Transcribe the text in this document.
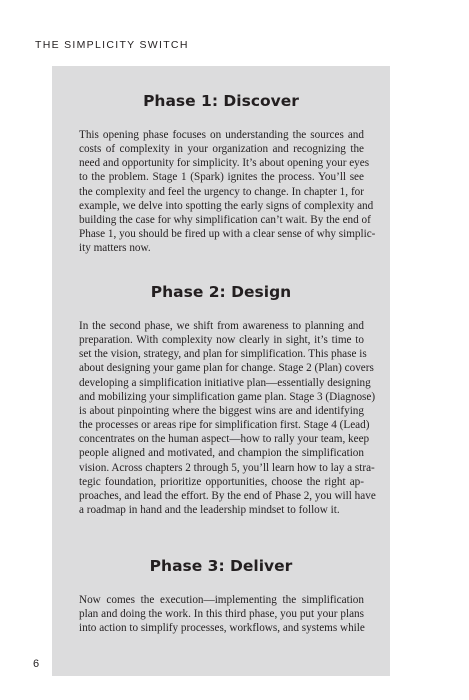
THE SIMPLICITY SWITCH
Phase 1: Discover
This opening phase focuses on understanding the sources and
costs of complexity in your organization and recognizing the
need and opportunity for simplicity. It’s about opening your eyes
to the problem. Stage 1 (Spark) ignites the process. You’ll see
the complexity and feel the urgency to change. In chapter 1, for
example, we delve into spotting the early signs of complexity and
building the case for why simplification can’t wait. By the end of
Phase 1, you should be fired up with a clear sense of why simplic-
ity matters now.
Phase 2: Design
In the second phase, we shift from awareness to planning and
preparation. With complexity now clearly in sight, it’s time to
set the vision, strategy, and plan for simplification. This phase is
about designing your game plan for change. Stage 2 (Plan) covers
developing a simplification initiative plan—essentially designing
and mobilizing your simplification game plan. Stage 3 (Diagnose)
is about pinpointing where the biggest wins are and identifying
the processes or areas ripe for simplification first. Stage 4 (Lead)
concentrates on the human aspect—how to rally your team, keep
people aligned and motivated, and champion the simplification
vision. Across chapters 2 through 5, you’ll learn how to lay a stra-
tegic foundation, prioritize opportunities, choose the right ap-
proaches, and lead the effort. By the end of Phase 2, you will have
a roadmap in hand and the leadership mindset to follow it.
Phase 3: Deliver
Now comes the execution—implementing the simplification
plan and doing the work. In this third phase, you put your plans
into action to simplify processes, workflows, and systems while
6
